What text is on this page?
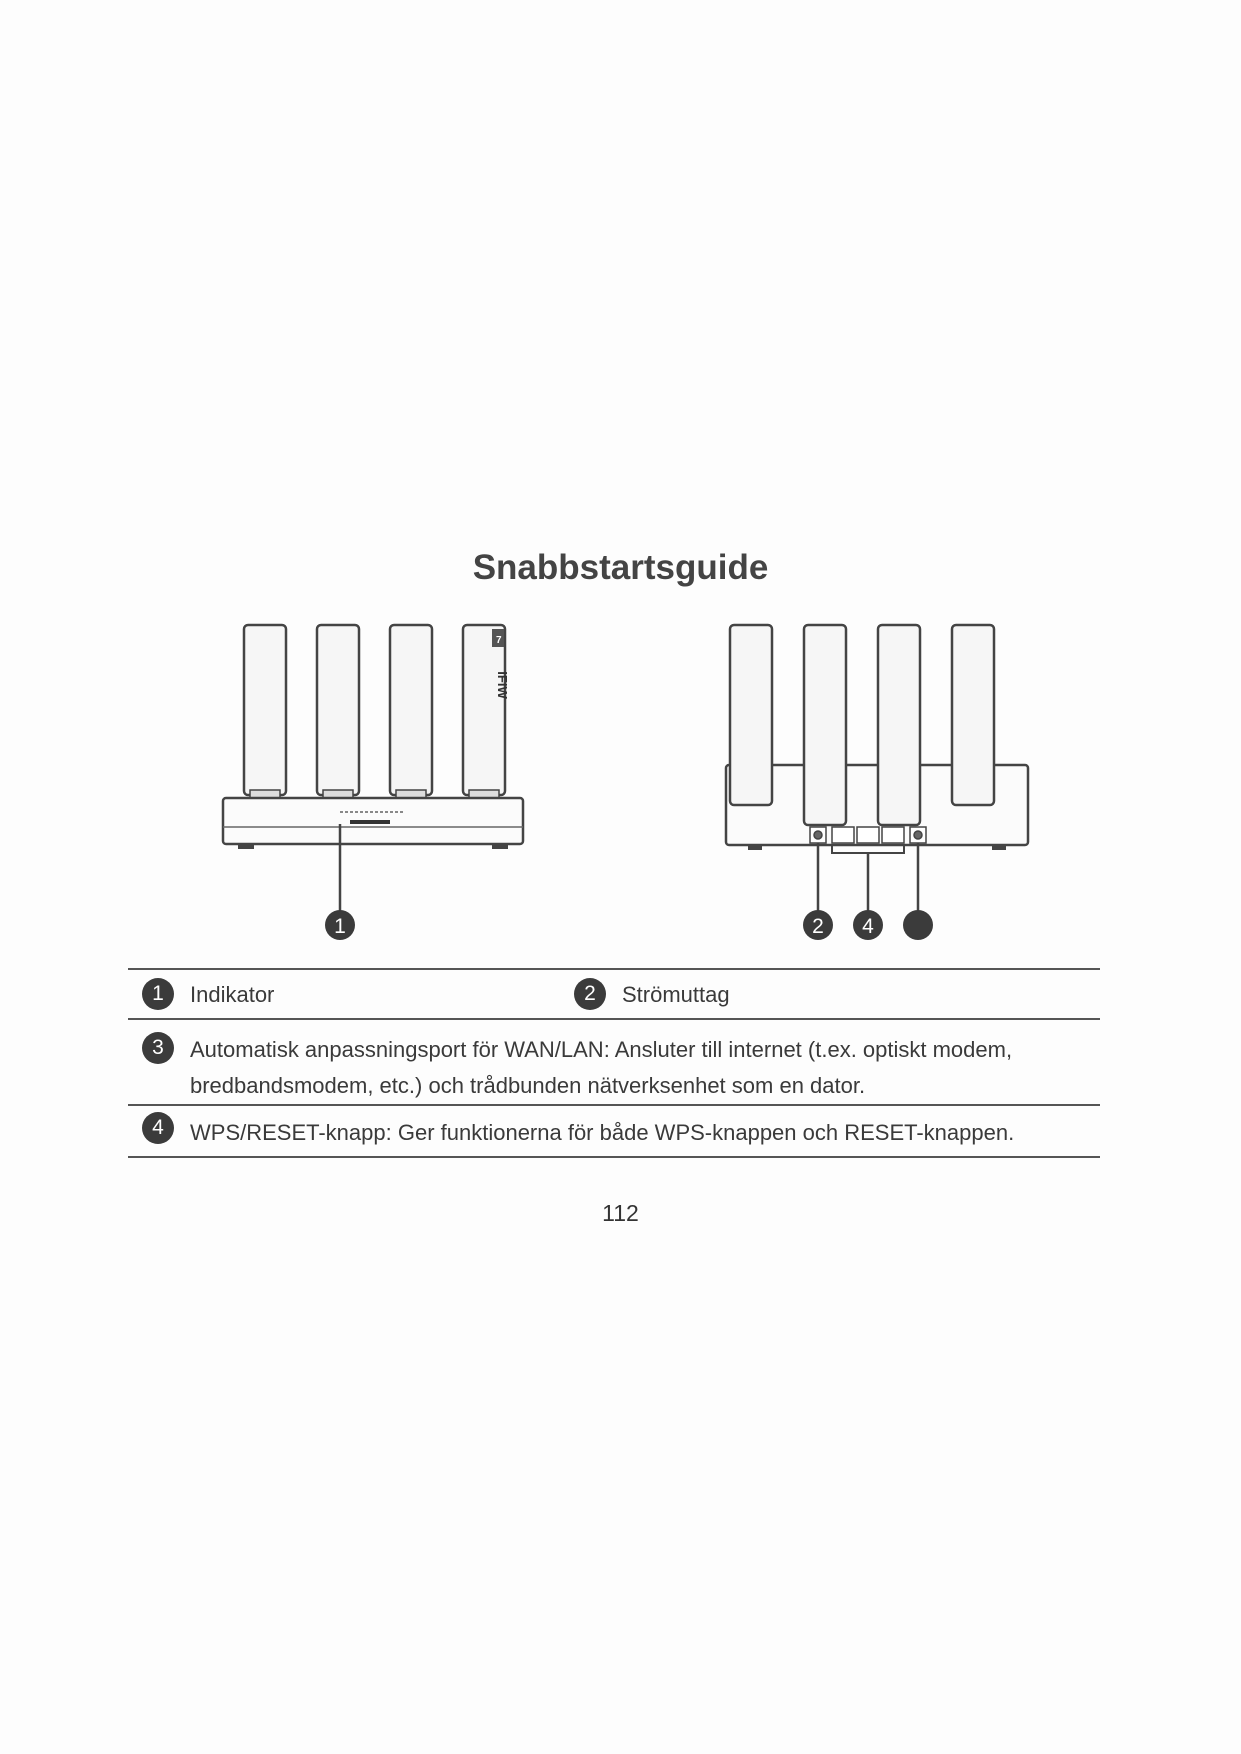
Snabbstartsguide
7
IFIW
1	2 4
1	Indikator	2	Strömuttag
3	Automatisk anpassningsport för WAN/LAN: Ansluter till internet (t.ex. optiskt modem, bredbandsmodem, etc.) och trådbunden nätverksenhet som en dator.
4	WPS/RESET-knapp: Ger funktionerna för både WPS-knappen och RESET-knappen.
112
